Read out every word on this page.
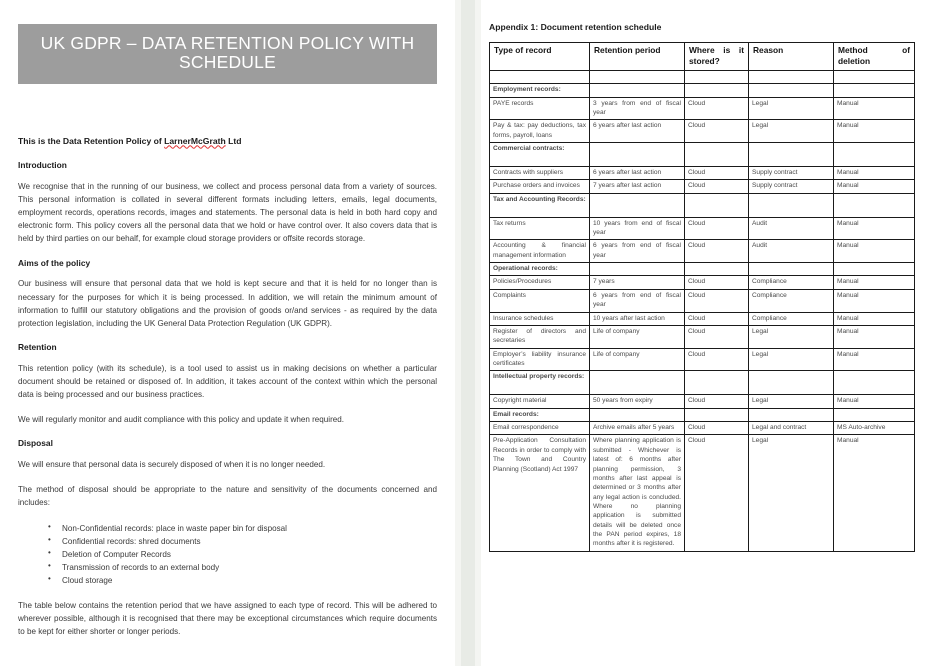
UK GDPR – DATA RETENTION POLICY WITH SCHEDULE

This is the Data Retention Policy of LarnerMcGrath Ltd

Introduction

We recognise that in the running of our business, we collect and process personal data from a variety of sources. This personal information is collated in several different formats including letters, emails, legal documents, employment records, operations records, images and statements. The personal data is held in both hard copy and electronic form. This policy covers all the personal data that we hold or have control over. It also covers data that is held by third parties on our behalf, for example cloud storage providers or offsite records storage.

Aims of the policy

Our business will ensure that personal data that we hold is kept secure and that it is held for no longer than is necessary for the purposes for which it is being processed. In addition, we will retain the minimum amount of information to fulfill our statutory obligations and the provision of goods or/and services - as required by the data protection legislation, including the UK General Data Protection Regulation (UK GDPR).

Retention

This retention policy (with its schedule), is a tool used to assist us in making decisions on whether a particular document should be retained or disposed of. In addition, it takes account of the context within which the personal data is being processed and our business practices.

We will regularly monitor and audit compliance with this policy and update it when required.

Disposal

We will ensure that personal data is securely disposed of when it is no longer needed.

The method of disposal should be appropriate to the nature and sensitivity of the documents concerned and includes:

• Non-Confidential records: place in waste paper bin for disposal
• Confidential records: shred documents
• Deletion of Computer Records
• Transmission of records to an external body
• Cloud storage

The table below contains the retention period that we have assigned to each type of record. This will be adhered to wherever possible, although it is recognised that there may be exceptional circumstances which require documents to be kept for either shorter or longer periods.

Appendix 1: Document retention schedule
Type of record	Retention period	Where is it stored?	Reason	Method of deletion

Employment records:				
PAYE records	3 years from end of fiscal year	Cloud	Legal	Manual
Pay & tax: pay deductions, tax forms, payroll, loans	6 years after last action	Cloud	Legal	Manual
Commercial contracts:				
Contracts with suppliers	6 years after last action	Cloud	Supply contract	Manual
Purchase orders and invoices	7 years after last action	Cloud	Supply contract	Manual
Tax and Accounting Records:				
Tax returns	10 years from end of fiscal year	Cloud	Audit	Manual
Accounting & financial management information	6 years from end of fiscal year	Cloud	Audit	Manual
Operational records:				
Policies/Procedures	7 years	Cloud	Compliance	Manual
Complaints	6 years from end of fiscal year	Cloud	Compliance	Manual
Insurance schedules	10 years after last action	Cloud	Compliance	Manual
Register of directors and secretaries	Life of company	Cloud	Legal	Manual
Employer’s liability insurance certificates	Life of company	Cloud	Legal	Manual
Intellectual property records:				
Copyright material	50 years from expiry	Cloud	Legal	Manual
Email records:				
Email correspondence	Archive emails after 5 years	Cloud	Legal and contract	MS Auto-archive
Pre-Application Consultation Records in order to comply with The Town and Country Planning (Scotland) Act 1997	Where planning application is submitted - Whichever is latest of: 6 months after planning permission, 3 months after last appeal is determined or 3 months after any legal action is concluded. Where no planning application is submitted details will be deleted once the PAN period expires, 18 months after it is registered.	Cloud	Legal	Manual
